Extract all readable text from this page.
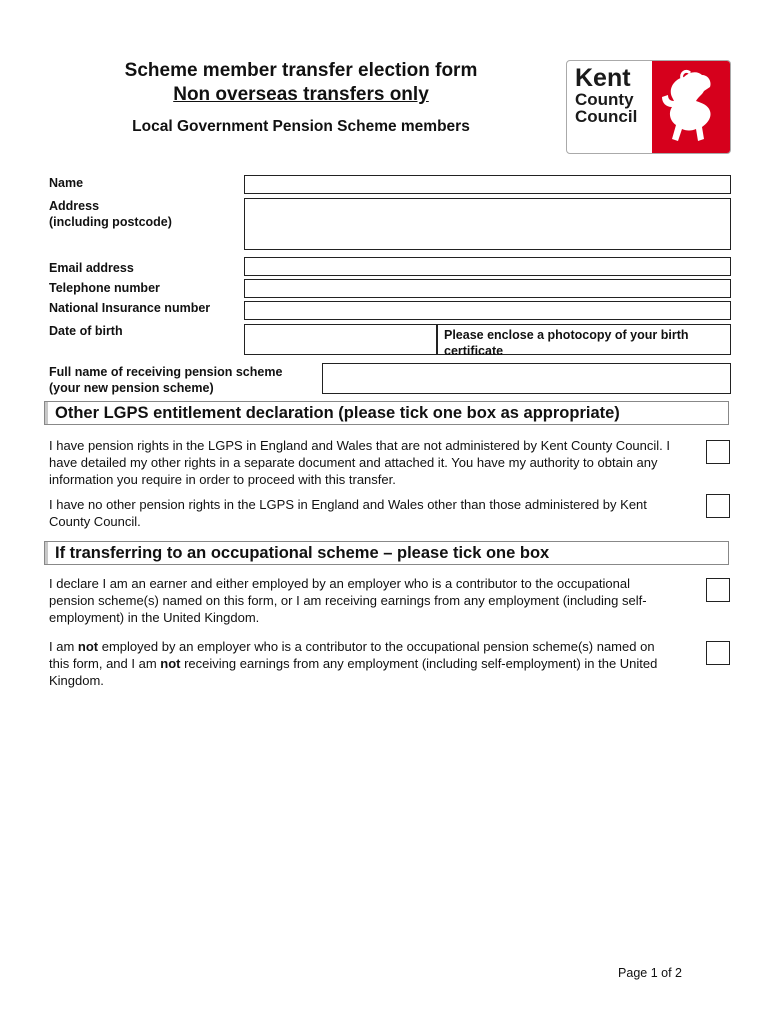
Scheme member transfer election form
Non overseas transfers only
Local Government Pension Scheme members
Kent
County
Council
Name
Address
(including postcode)
Email address
Telephone number
National Insurance number
Date of birth	Please enclose a photocopy of your birth certificate
Full name of receiving pension scheme
(your new pension scheme)
Other LGPS entitlement declaration (please tick one box as appropriate)
I have pension rights in the LGPS in England and Wales that are not administered by Kent County Council. I have detailed my other rights in a separate document and attached it. You have my authority to obtain any information you require in order to proceed with this transfer.
I have no other pension rights in the LGPS in England and Wales other than those administered by Kent County Council.
If transferring to an occupational scheme – please tick one box
I declare I am an earner and either employed by an employer who is a contributor to the occupational pension scheme(s) named on this form, or I am receiving earnings from any employment (including self-employment) in the United Kingdom.
I am not employed by an employer who is a contributor to the occupational pension scheme(s) named on this form, and I am not receiving earnings from any employment (including self-employment) in the United Kingdom.
Page 1 of 2
